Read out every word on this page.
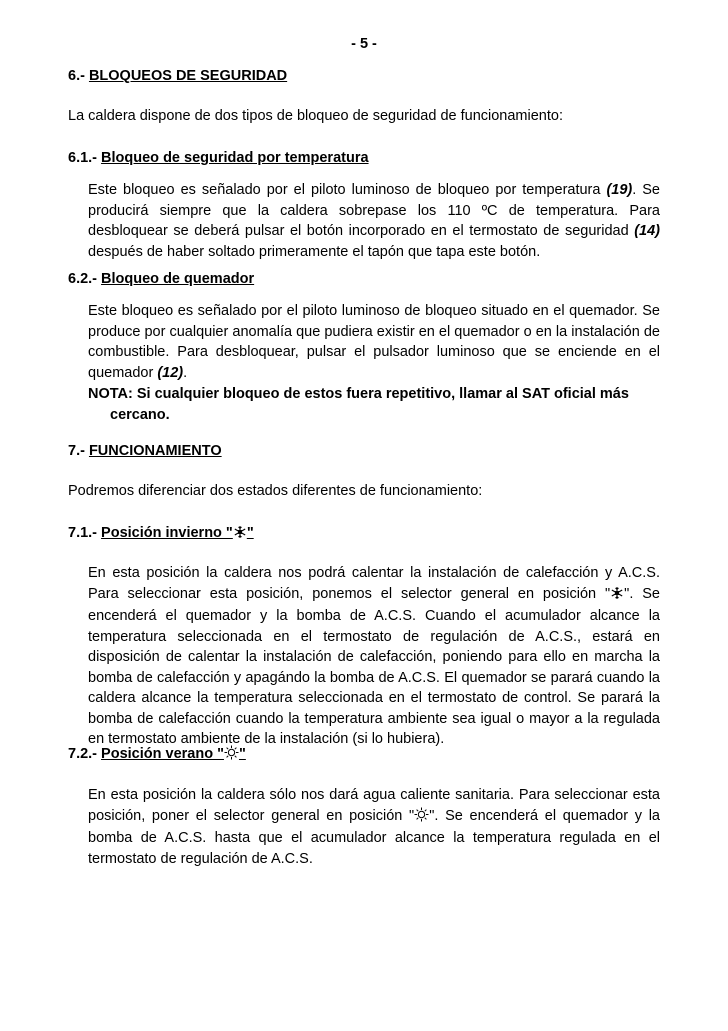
- 5 -
6.- BLOQUEOS DE SEGURIDAD
La caldera dispone de dos tipos de bloqueo de seguridad de funcionamiento:
6.1.- Bloqueo de seguridad por temperatura
Este bloqueo es señalado por el piloto luminoso de bloqueo por temperatura (19). Se producirá siempre que la caldera sobrepase los 110 ºC de temperatura. Para desbloquear se deberá pulsar el botón incorporado en el termostato de seguridad (14) después de haber soltado primeramente el tapón que tapa este botón.
6.2.- Bloqueo de quemador
Este bloqueo es señalado por el piloto luminoso de bloqueo situado en el quemador. Se produce por cualquier anomalía que pudiera existir en el quemador o en la instalación de combustible. Para desbloquear, pulsar el pulsador luminoso que se enciende en el quemador (12).
NOTA: Si cualquier bloqueo de estos fuera repetitivo, llamar al SAT oficial más
cercano.
7.- FUNCIONAMIENTO
Podremos diferenciar dos estados diferentes de funcionamiento:
7.1.- Posición invierno " "
En esta posición la caldera nos podrá calentar la instalación de calefacción y A.C.S. Para seleccionar esta posición, ponemos el selector general en posición " ". Se encenderá el quemador y la bomba de A.C.S. Cuando el acumulador alcance la temperatura seleccionada en el termostato de regulación de A.C.S., estará en disposición de calentar la instalación de calefacción, poniendo para ello en marcha la bomba de calefacción y apagándo la bomba de A.C.S. El quemador se parará cuando la caldera alcance la temperatura seleccionada en el termostato de control. Se parará la bomba de calefacción cuando la temperatura ambiente sea igual o mayor a la regulada en termostato ambiente de la instalación (si lo hubiera).
7.2.- Posición verano " "
En esta posición la caldera sólo nos dará agua caliente sanitaria. Para seleccionar esta posición, poner el selector general en posición " ". Se encenderá el quemador y la bomba de A.C.S. hasta que el acumulador alcance la temperatura regulada en el termostato de regulación de A.C.S.
